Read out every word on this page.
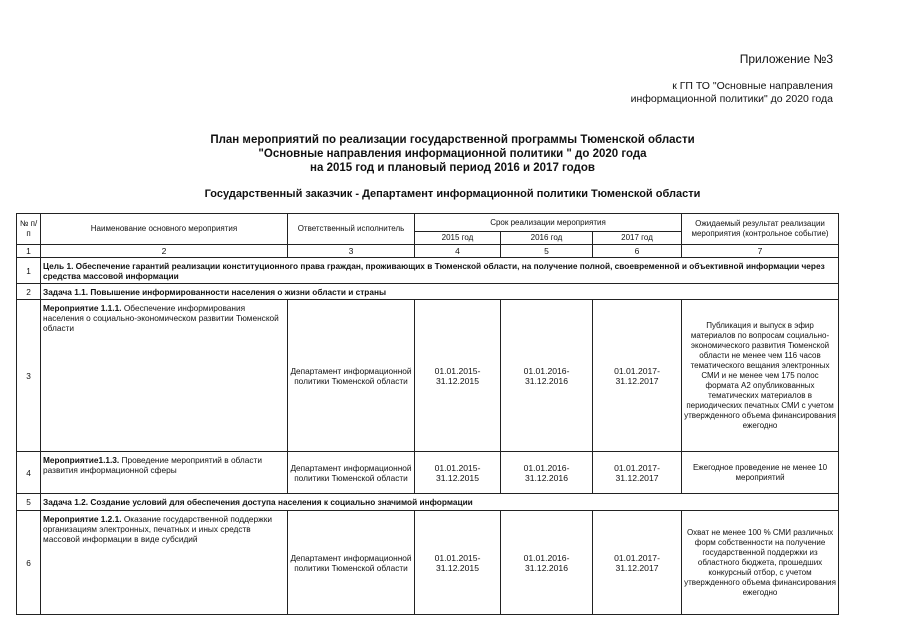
Приложение №3
к ГП ТО "Основные направления
информационной политики" до 2020 года
План мероприятий по реализации государственной программы Тюменской области
"Основные направления информационной политики " до 2020 года
на 2015 год и плановый период 2016 и 2017 годов
Государственный заказчик - Департамент информационной политики Тюменской области
№ п/п	Наименование основного мероприятия	Ответственный исполнитель	Срок реализации мероприятия			Ожидаемый результат реализации мероприятия (контрольное событие)
			2015 год	2016 год	2017 год	
1	2	3	4	5	6	7
1	Цель 1. Обеспечение гарантий реализации конституционного права граждан, проживающих в Тюменской области, на получение полной, своевременной и объективной информации через средства массовой информации					
2	Задача 1.1. Повышение информированности населения о жизни области и страны					
3	Мероприятие 1.1.1. Обеспечение информирования населения о социально-экономическом развитии Тюменской области	Департамент информационной политики Тюменской области	01.01.2015-31.12.2015	01.01.2016-31.12.2016	01.01.2017-31.12.2017	Публикация и выпуск в эфир материалов по вопросам социально-экономического развития Тюменской области не менее чем 116 часов тематического вещания электронных СМИ и не менее чем 175 полос формата А2 опубликованных тематических материалов в периодических печатных СМИ с учетом утвержденного объема финансирования ежегодно
4	Мероприятие1.1.3. Проведение мероприятий в области развития информационной сферы	Департамент информационной политики Тюменской области	01.01.2015-31.12.2015	01.01.2016-31.12.2016	01.01.2017-31.12.2017	Ежегодное проведение не менее 10 мероприятий
5	Задача 1.2. Создание условий для обеспечения доступа населения к социально значимой информации					
6	Мероприятие 1.2.1. Оказание государственной поддержки организациям электронных, печатных и иных средств массовой информации в виде субсидий	Департамент информационной политики Тюменской области	01.01.2015-31.12.2015	01.01.2016-31.12.2016	01.01.2017-31.12.2017	Охват не менее 100 % СМИ различных форм собственности на получение государственной поддержки из областного бюджета, прошедших конкурсный отбор, с учетом утвержденного объема финансирования ежегодно
